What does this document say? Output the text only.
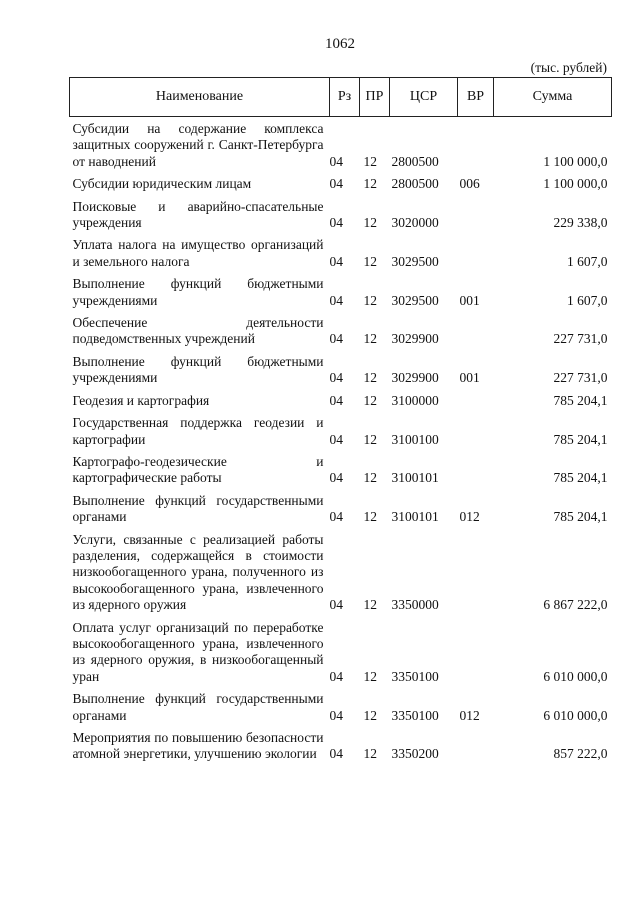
1062
(тыс. рублей)
Наименование	Рз	ПР	ЦСР	ВР	Сумма
Субсидии на содержание комплекса защитных сооружений г. Санкт-Петербурга от наводнений	04	12	2800500		1 100 000,0
Субсидии юридическим лицам	04	12	2800500	006	1 100 000,0
Поисковые и аварийно-спасательные учреждения	04	12	3020000		229 338,0
Уплата налога на имущество организаций и земельного налога	04	12	3029500		1 607,0
Выполнение функций бюджетными учреждениями	04	12	3029500	001	1 607,0
Обеспечение деятельности подведомственных учреждений	04	12	3029900		227 731,0
Выполнение функций бюджетными учреждениями	04	12	3029900	001	227 731,0
Геодезия и картография	04	12	3100000		785 204,1
Государственная поддержка геодезии и картографии	04	12	3100100		785 204,1
Картографо-геодезические и картографические работы	04	12	3100101		785 204,1
Выполнение функций государственными органами	04	12	3100101	012	785 204,1
Услуги, связанные с реализацией работы разделения, содержащейся в стоимости низкообогащенного урана, полученного из высокообогащенного урана, извлеченного из ядерного оружия	04	12	3350000		6 867 222,0
Оплата услуг организаций по переработке высокообогащенного урана, извлеченного из ядерного оружия, в низкообогащенный уран	04	12	3350100		6 010 000,0
Выполнение функций государственными органами	04	12	3350100	012	6 010 000,0
Мероприятия по повышению безопасности атомной энергетики, улучшению экологии	04	12	3350200		857 222,0
